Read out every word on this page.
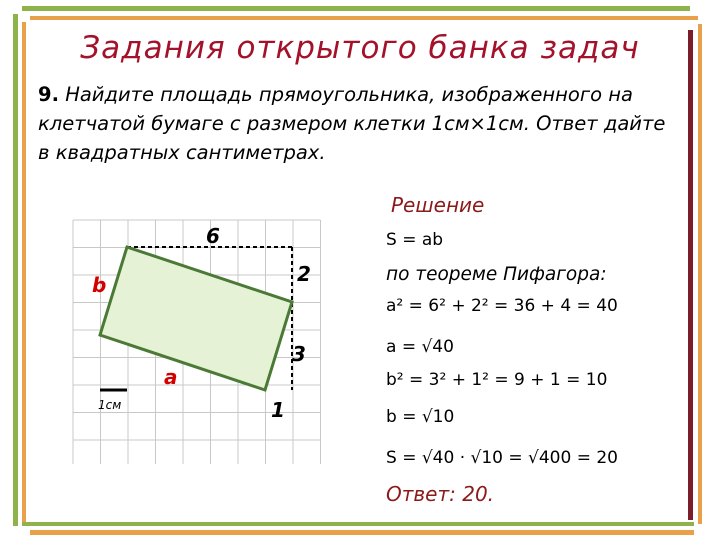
Задания открытого банка задач
9. Найдите площадь прямоугольника, изображенного на клетчатой бумаге с размером клетки 1см×1см. Ответ дайте в квадратных сантиметрах.
6
2
3
1
b
a
1см
Решение
S = ab
по теореме Пифагора:
a² = 6² + 2² = 36 + 4 = 40
a = √40
b² = 3² + 1² = 9 + 1 = 10
b = √10
S = √40 · √10 = √400 = 20
Ответ: 20.
